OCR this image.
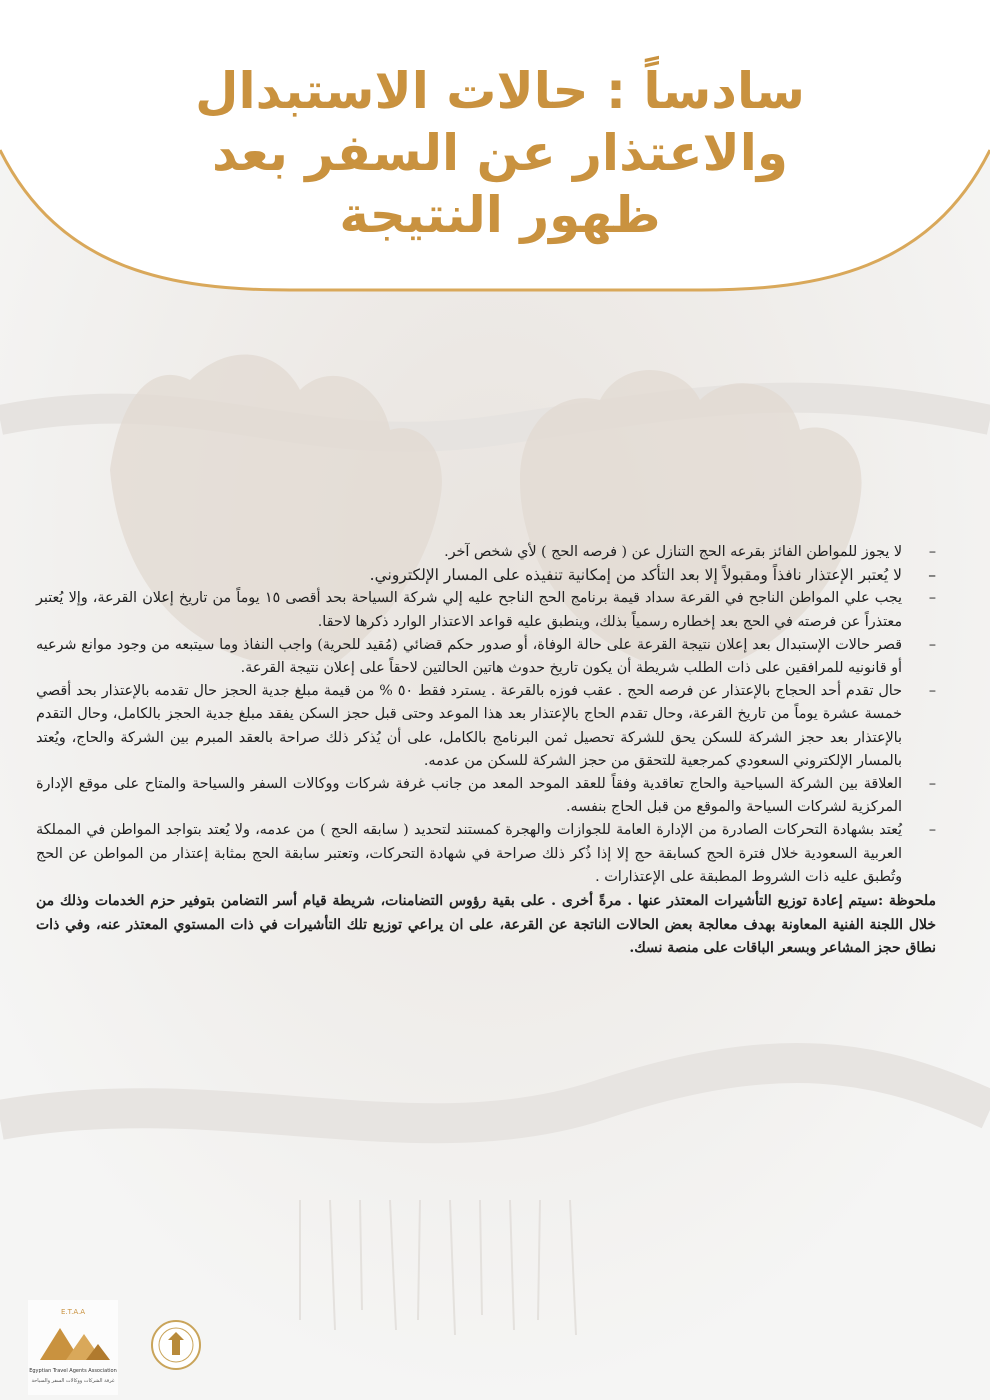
سادساً : حالات الاستبدال
والاعتذار عن السفر بعد
ظهور النتيجة

–
لا يجوز للمواطن الفائز بقرعه الحج التنازل عن ( فرصه الحج ) لأي شخص آخر.

–
لا يُعتبر الإعتذار نافذاً ومقبولاً إلا بعد التأكد من إمكانية تنفيذه على المسار الإلكتروني.

–
يجب علي المواطن الناجح في القرعة سداد قيمة برنامج الحج الناجح عليه إلي شركة السياحة بحد أقصى ١٥ يوماً من تاريخ إعلان القرعة، وإلا يُعتبر معتذراً عن فرصته في الحج بعد إخطاره رسمياً بذلك، وينطبق عليه قواعد الاعتذار الوارد ذكرها لاحقا.

–
قصر حالات الإستبدال بعد إعلان نتيجة القرعة على حالة الوفاة، أو صدور حكم قضائي (مُقيد للحرية) واجب النفاذ وما سيتبعه من وجود موانع شرعيه أو قانونيه للمرافقين على ذات الطلب شريطة أن يكون تاريخ حدوث هاتين الحالتين لاحقاً على إعلان نتيجة القرعة.

–
حال تقدم أحد الحجاج بالإعتذار عن فرصه الحج . عقب فوزه بالقرعة . يسترد فقط ٥٠ % من قيمة مبلغ جدية الحجز حال تقدمه بالإعتذار بحد أقصي خمسة عشرة يوماً من تاريخ القرعة، وحال تقدم الحاج بالإعتذار بعد هذا الموعد وحتى قبل حجز السكن يفقد مبلغ جدية الحجز بالكامل، وحال التقدم بالإعتذار بعد حجز الشركة للسكن يحق للشركة تحصيل ثمن البرنامج بالكامل، على أن يُذكر ذلك صراحة بالعقد المبرم بين الشركة والحاج، ويُعتد بالمسار الإلكتروني السعودي كمرجعية للتحقق من حجز الشركة للسكن من عدمه.

–
العلاقة بين الشركة السياحية والحاج تعاقدية وفقاً للعقد الموحد المعد من جانب غرفة شركات ووكالات السفر والسياحة والمتاح على موقع الإدارة المركزية لشركات السياحة والموقع من قبل الحاج بنفسه.

–
يُعتد بشهادة التحركات الصادرة من الإدارة العامة للجوازات والهجرة كمستند لتحديد ( سابقه الحج ) من عدمه، ولا يُعتد بتواجد المواطن في المملكة العربية السعودية خلال فترة الحج كسابقة حج إلا إذا ذُكر ذلك صراحة في شهادة التحركات، وتعتبر سابقة الحج بمثابة إعتذار من المواطن عن الحج وتُطبق عليه ذات الشروط المطبقة على الإعتذارات .

ملحوظة :سيتم إعادة توزيع التأشيرات المعتذر عنها . مرةً أخرى . على بقية رؤوس التضامنات، شريطة قيام أسر التضامن بتوفير حزم الخدمات وذلك من خلال اللجنة الفنية المعاونة بهدف معالجة بعض الحالات الناتجة عن القرعة، على ان يراعي توزيع تلك التأشيرات في ذات المستوي المعتذر عنه، وفي ذات نطاق حجز المشاعر وبسعر الباقات على منصة نسك.

E.T.A.A
Egyptian Travel Agents Association
غرفة الشركات ووكالات السفر والسياحة
